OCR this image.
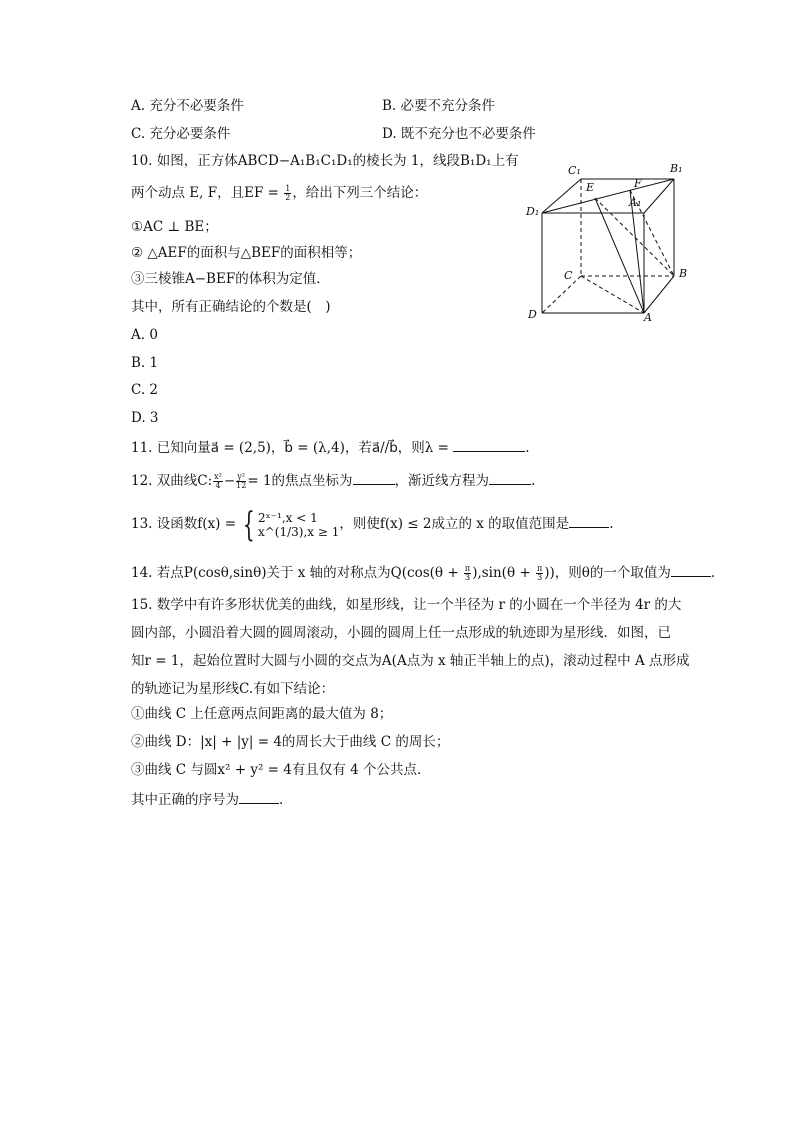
A. 充分不必要条件	B. 必要不充分条件
C. 充分必要条件	D. 既不充分也不必要条件
10. 如图，正方体ABCD−A₁B₁C₁D₁的棱长为 1，线段B₁D₁上有
两个动点 E, F，且EF = $\frac{1}{2}$ ，给出下列三个结论：
①AC ⊥ BE；
② △AEF的面积与△BEF的面积相等；
③三棱锥A−BEF的体积为定值．
其中，所有正确结论的个数是(　)
A. 0
B. 1
C. 2
D. 3
C₁	B₁
D₁
A₁
E	F
C	B
D	A
11. 已知向量a⃗ = (2,5)，b⃗ = (λ,4)，若a⃗//b⃗，则λ =	.
12. 双曲线C: $\frac{\text{x²}}{4} - \frac{\text{y²}}{12} = 1$的焦点坐标为	，渐近线方程为	.
13. 设函数f(x) = { 2ˣ⁻¹,x < 1
x^(1/3),x ≥ 1 ，则使f(x) ≤ 2成立的 x 的取值范围是	.
14. 若点P(cosθ,sinθ)关于 x 轴的对称点为$Q(\cos(\theta + \frac{\pi}{3} ),\sin(\theta + \frac{\pi}{3}$ ))，则θ的一个取值为	.
15. 数学中有许多形状优美的曲线，如星形线，让一个半径为 r 的小圆在一个半径为 4r 的大
圆内部，小圆沿着大圆的圆周滚动，小圆的圆周上任一点形成的轨迹即为星形线．如图，已
知r = 1，起始位置时大圆与小圆的交点为A(A点为 x 轴正半轴上的点)，滚动过程中 A 点形成
的轨迹记为星形线C.有如下结论：
①曲线 C 上任意两点间距离的最大值为 8；
②曲线 D：|x| + |y| = 4的周长大于曲线 C 的周长；
③曲线 C 与圆x² + y² = 4有且仅有 4 个公共点．
其中正确的序号为	.
